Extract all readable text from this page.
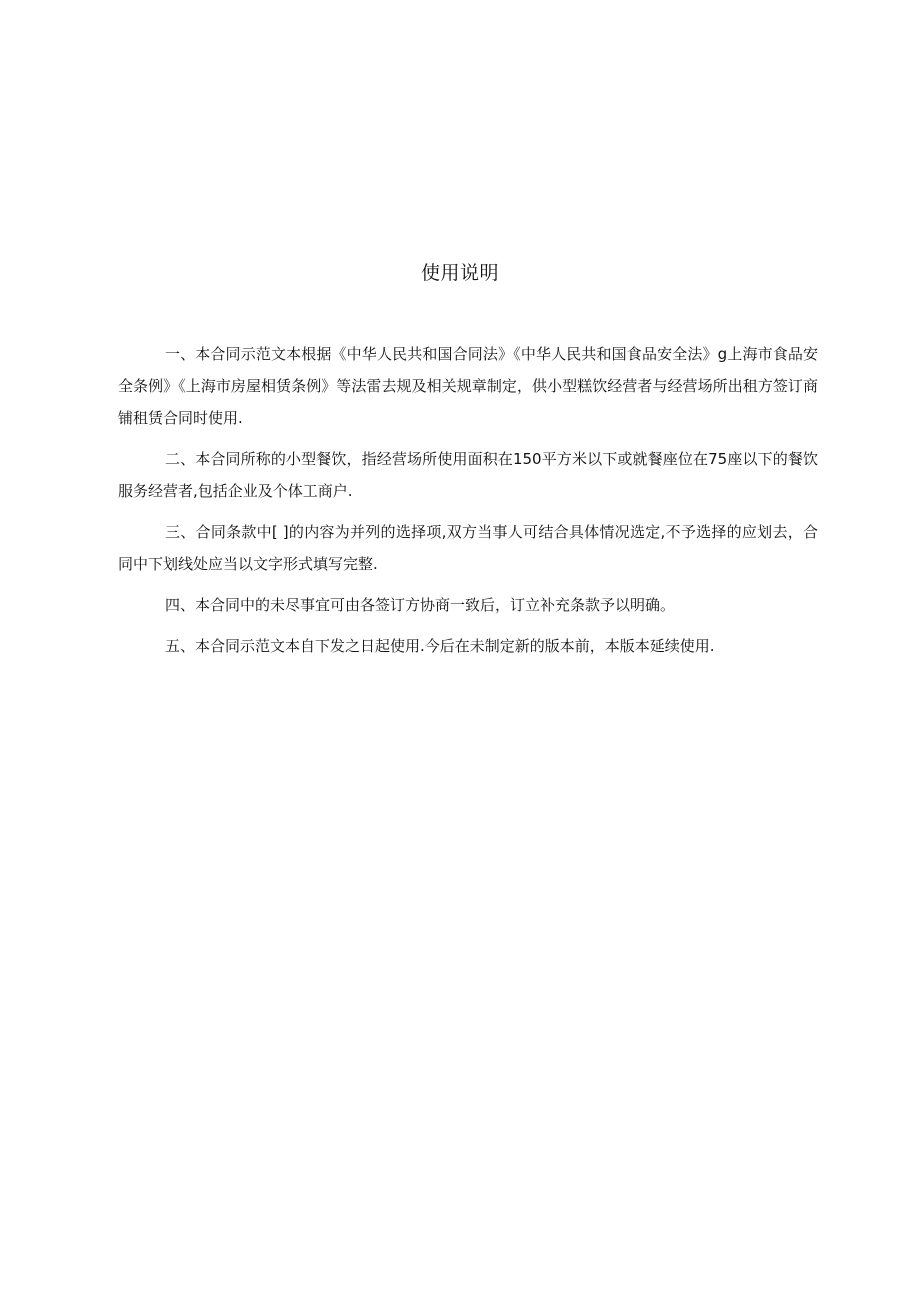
使用说明

一、本合同示范文本根据《中华人民共和国合同法》《中华人民共和国食品安全法》g上海市食品安全条例》《上海市房屋相赁条例》等法雷去规及相关规章制定，供小型糕饮经营者与经营场所出租方签订商铺租赁合同时使用.

二、本合同所称的小型餐饮，指经营场所使用面积在150平方米以下或就餐座位在75座以下的餐饮服务经营者,包括企业及个体工商户.

三、合同条款中[ ]的内容为并列的选择项,双方当事人可结合具体情况选定,不予选择的应划去，合同中下划线处应当以文字形式填写完整.

四、本合同中的未尽事宜可由各签订方协商一致后，订立补充条款予以明确。

五、本合同示范文本自下发之日起使用.今后在未制定新的版本前，本版本延续使用.
